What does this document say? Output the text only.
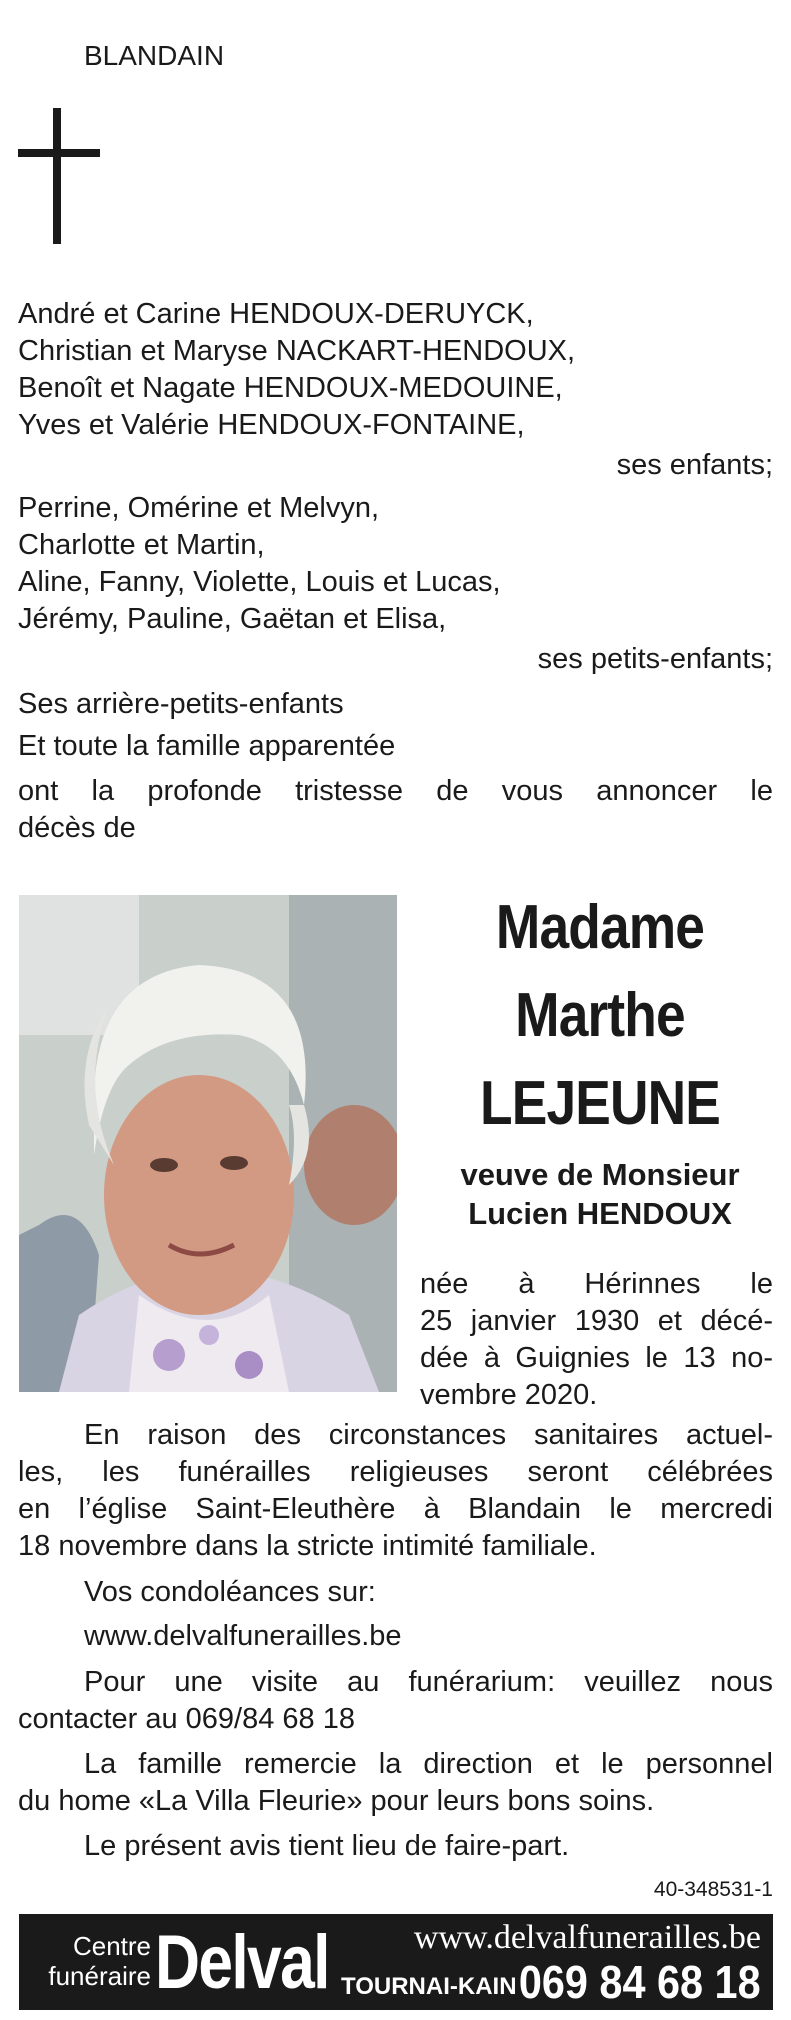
BLANDAIN
André et Carine HENDOUX-DERUYCK,
Christian et Maryse NACKART-HENDOUX,
Benoît et Nagate HENDOUX-MEDOUINE,
Yves et Valérie HENDOUX-FONTAINE,
ses enfants;
Perrine, Omérine et Melvyn,
Charlotte et Martin,
Aline, Fanny, Violette, Louis et Lucas,
Jérémy, Pauline, Gaëtan et Elisa,
ses petits-enfants;
Ses arrière-petits-enfants
Et toute la famille apparentée
ont la profonde tristesse de vous annoncer le
décès de
Madame
Marthe
LEJEUNE
veuve de Monsieur
Lucien HENDOUX
née à Hérinnes le
25 janvier 1930 et décé-
dée à Guignies le 13 no-
vembre 2020.
En raison des circonstances sanitaires actuel-
les, les funérailles religieuses seront célébrées
en l’église Saint-Eleuthère à Blandain le mercredi
18 novembre dans la stricte intimité familiale.
Vos condoléances sur:
www.delvalfunerailles.be
Pour une visite au funérarium: veuillez nous
contacter au 069/84 68 18
La famille remercie la direction et le personnel
du home «La Villa Fleurie» pour leurs bons soins.
Le présent avis tient lieu de faire-part.
40-348531-1
Centre
funéraire Delval	www.delvalfunerailles.be
TOURNAI-KAIN 069 84 68 18
